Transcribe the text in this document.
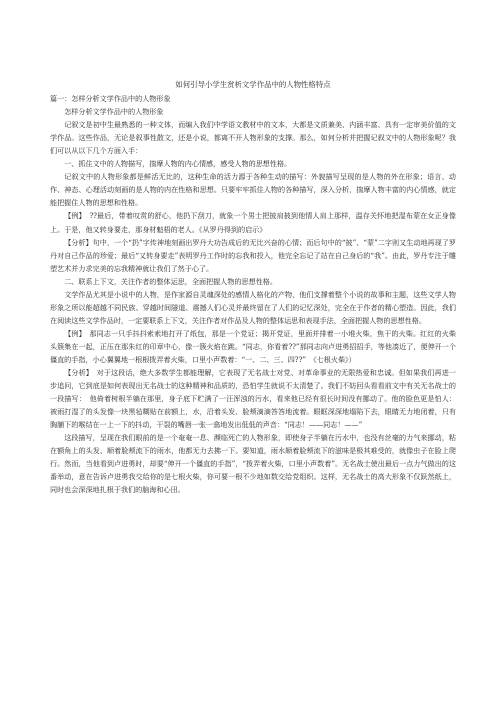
如何引导小学生赏析文学作品中的人物性格特点
篇一：怎样分析文学作品中的人物形象
怎样分析文学作品中的人物形象

记叙文是初中生最熟悉的一种文体，而编入我们中学语文教材中的文本，大都是文质兼美、内涵丰富、具有一定审美价值的文学作品。这些作品，无论是叙事性散文，还是小说，都离不开人物形象的支撑。那么，如何分析并把握记叙文中的人物形象呢？我们可以从以下几个方面入手：

一、抓住文中的人物描写，揣摩人物的内心情感，感受人物的思想性格。

记叙文中的人物形象都是鲜活无比的，这种生命的活力源于各种生动的描写：外貌描写呈现的是人物的外在形象；语言、动作、神态、心理活动刻画的是人物的内在性格和思想。只要牢牢抓住人物的各种描写，深入分析，揣摩人物丰富的内心情感，就定能把握住人物的思想和性格。

【例】　??最后，带着叹赏的舒心，他扔下刮刀，就象一个男士把披肩披到他情人肩上那样，温存关怀地把湿布蒙在女正身像上。于是，他又转身要走，那身材魁梧的老人。《从罗丹得到的启示》

【分析】句中，一个“扔”字传神地刻画出罗丹大功告成后的无比兴奋的心情；而后句中的“披”、“蒙”二字则又生动地再现了罗丹对自己作品的珍爱；最后“又转身要走”表明罗丹工作时的忘我和投入，他完全忘记了站在自己身后的“我”。由此，罗丹专注于雕塑艺术并力求完美的忘我精神就让我们了然于心了。

二、联系上下文，关注作者的整体运思，全面把握人物的思想性格。

文学作品尤其是小说中的人物，是作家源自灵魂深处的感情人格化的产物，他们支撑着整个小说的故事和主题，这些文学人物形象之所以能超越不同民族、穿越时间隧道、震撼人们心灵并最终留在了人们的记忆深处，完全在于作者的精心塑造。因此，我们在阅读这些文学作品时，一定要联系上下文，关注作者对作品及人物的整体运思和表现手法，全面把握人物的思想性格。

【例】　那同志一只手抖抖索索地打开了纸包，那是一个党证；揭开党证，里面并排着一小堆火柴，焦干的火柴。红红的火柴头簇集在一起，正压在那朱红的印章中心，像一簇火焰在跳。“同志，你看着??”那同志向卢进勇招招手，等他凑近了，便伸开一个僵直的手指，小心翼翼地一根根拨弄着火柴，口里小声数着：“一、二、三、四??”　《七根火柴》）

【分析】　对于这段话，绝大多数学生都能理解，它表现了无名战士对党、对革命事业的无限热爱和忠诚。但如果我们再进一步追问，它到底是如何表现出无名战士的这种精神和品质的，恐怕学生就说不太清楚了。我们不妨回头看看前文中有关无名战士的一段描写：　他倚着树根半躺在那里，身子底下贮满了一汪浑浊的污水，看来他已经有很长时间没有挪动了。他的脸色更是怕人：被雨打湿了的头发像一块黑毡糊贴在前额上，水，沿着头发、脸颊滴滴答答地流着。眼眶深深地塌陷下去，眼睛无力地闭着，只有胸脯下的喉结在一上一下的抖动，干裂的嘴唇一张一翕地发出低低的声音：“同志！——同志！——”

这段描写，呈现在我们眼前的是一个奄奄一息、濒临死亡的人物形象，即使身子半躺在污水中，也没有丝毫的力气来挪动，粘在额角上的头发、顺着脸颊流下的雨水，他都无力去拂一下。要知道，雨水顺着脸颊流下的滋味是极其难受的，就像虫子在脸上爬行。然而，当他看到卢进勇时，却要“伸开一个僵直的手指”，“拨弄着火柴，口里小声数着”。无名战士使出最后一点力气做出的这番举动，意在告诉卢进勇我交给你的是七根火柴，你可要一根不少地如数交给党组织。这样，无名战士的高大形象不仅跃然纸上，同时也会深深地扎根于我们的脑海和心田。
